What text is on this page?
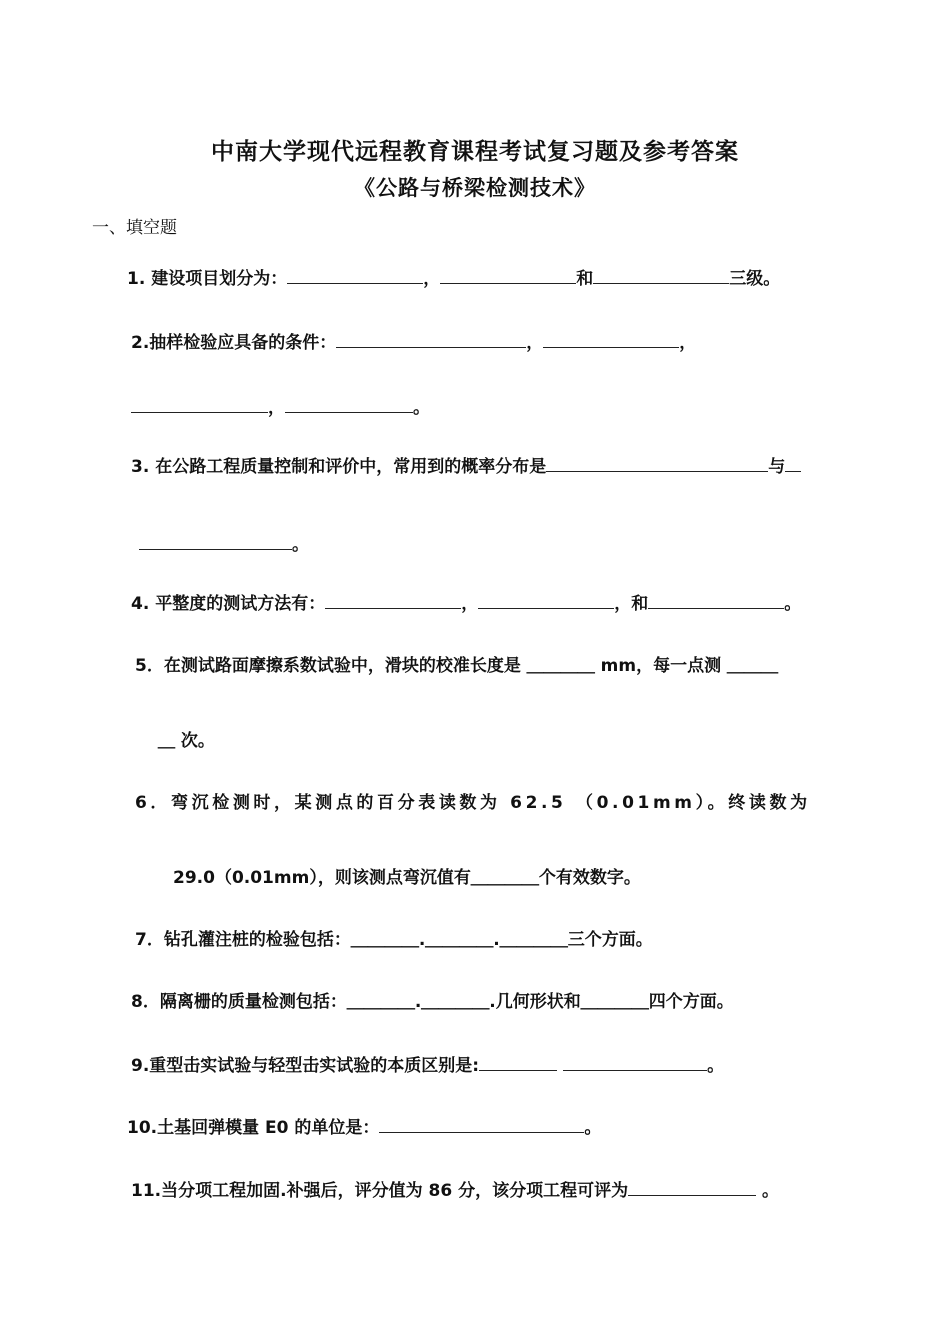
中南大学现代远程教育课程考试复习题及参考答案
《公路与桥梁检测技术》
一、填空题
1. 建设项目划分为：	，	和	三级。
2.抽样检验应具备的条件：	，	，
，	。
3. 在公路工程质量控制和评价中，常用到的概率分布是	与
。
4. 平整度的测试方法有：	，	，和	。
5．在测试路面摩擦系数试验中，滑块的校准长度是 ＿＿＿＿ mm，每一点测 ＿＿＿
＿ 次。
6．弯沉检测时，某测点的百分表读数为 62.5 （0.01mm）。终读数为
29.0（0.01mm），则该测点弯沉值有＿＿＿＿个有效数字。
7．钻孔灌注桩的检验包括：＿＿＿＿.＿＿＿＿.＿＿＿＿三个方面。
8．隔离栅的质量检测包括：＿＿＿＿.＿＿＿＿.几何形状和＿＿＿＿四个方面。
9.重型击实试验与轻型击实试验的本质区别是:	。
10.土基回弹模量 E0 的单位是：	。
11.当分项工程加固.补强后，评分值为 86 分，该分项工程可评为	。
